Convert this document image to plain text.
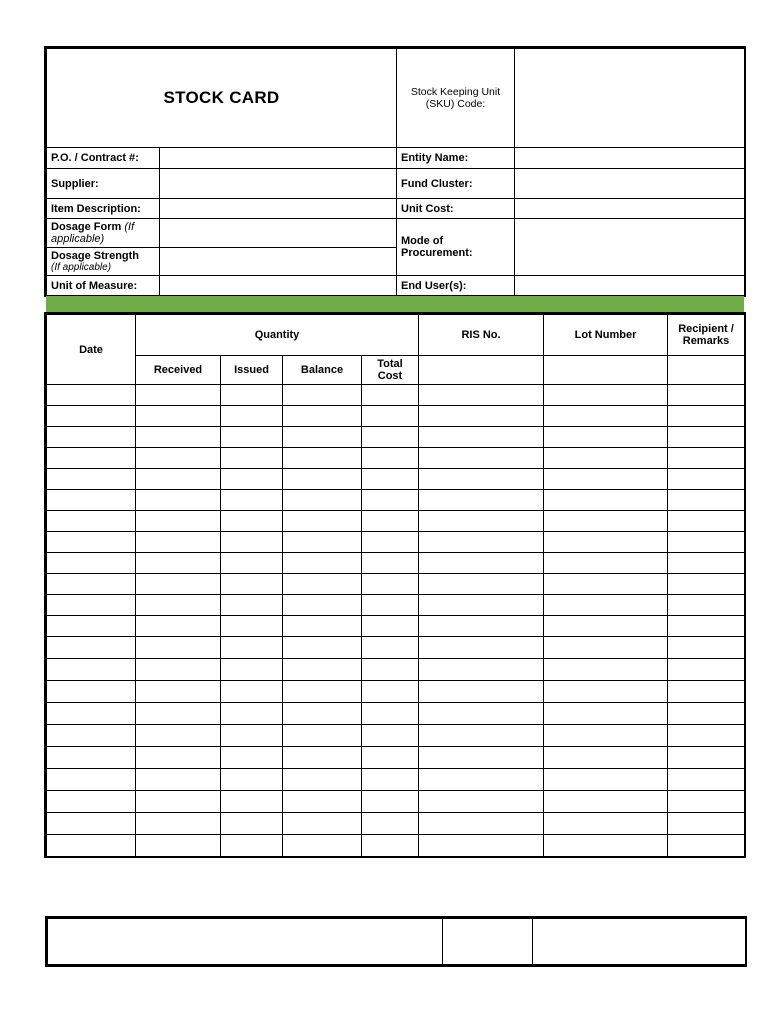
STOCK CARD		Stock Keeping Unit
(SKU) Code:	
P.O. / Contract #:		Entity Name:	
Supplier:		Fund Cluster:	
Item Description:		Unit Cost:	
Dosage Form (If applicable)		Mode of
Procurement:	
Dosage Strength
(If applicable)			

Unit of Measure:		End User(s):	
Date	Quantity				RIS No.	Lot Number	Recipient /
Remarks
	Received	Issued	Balance	Total
Cost			
